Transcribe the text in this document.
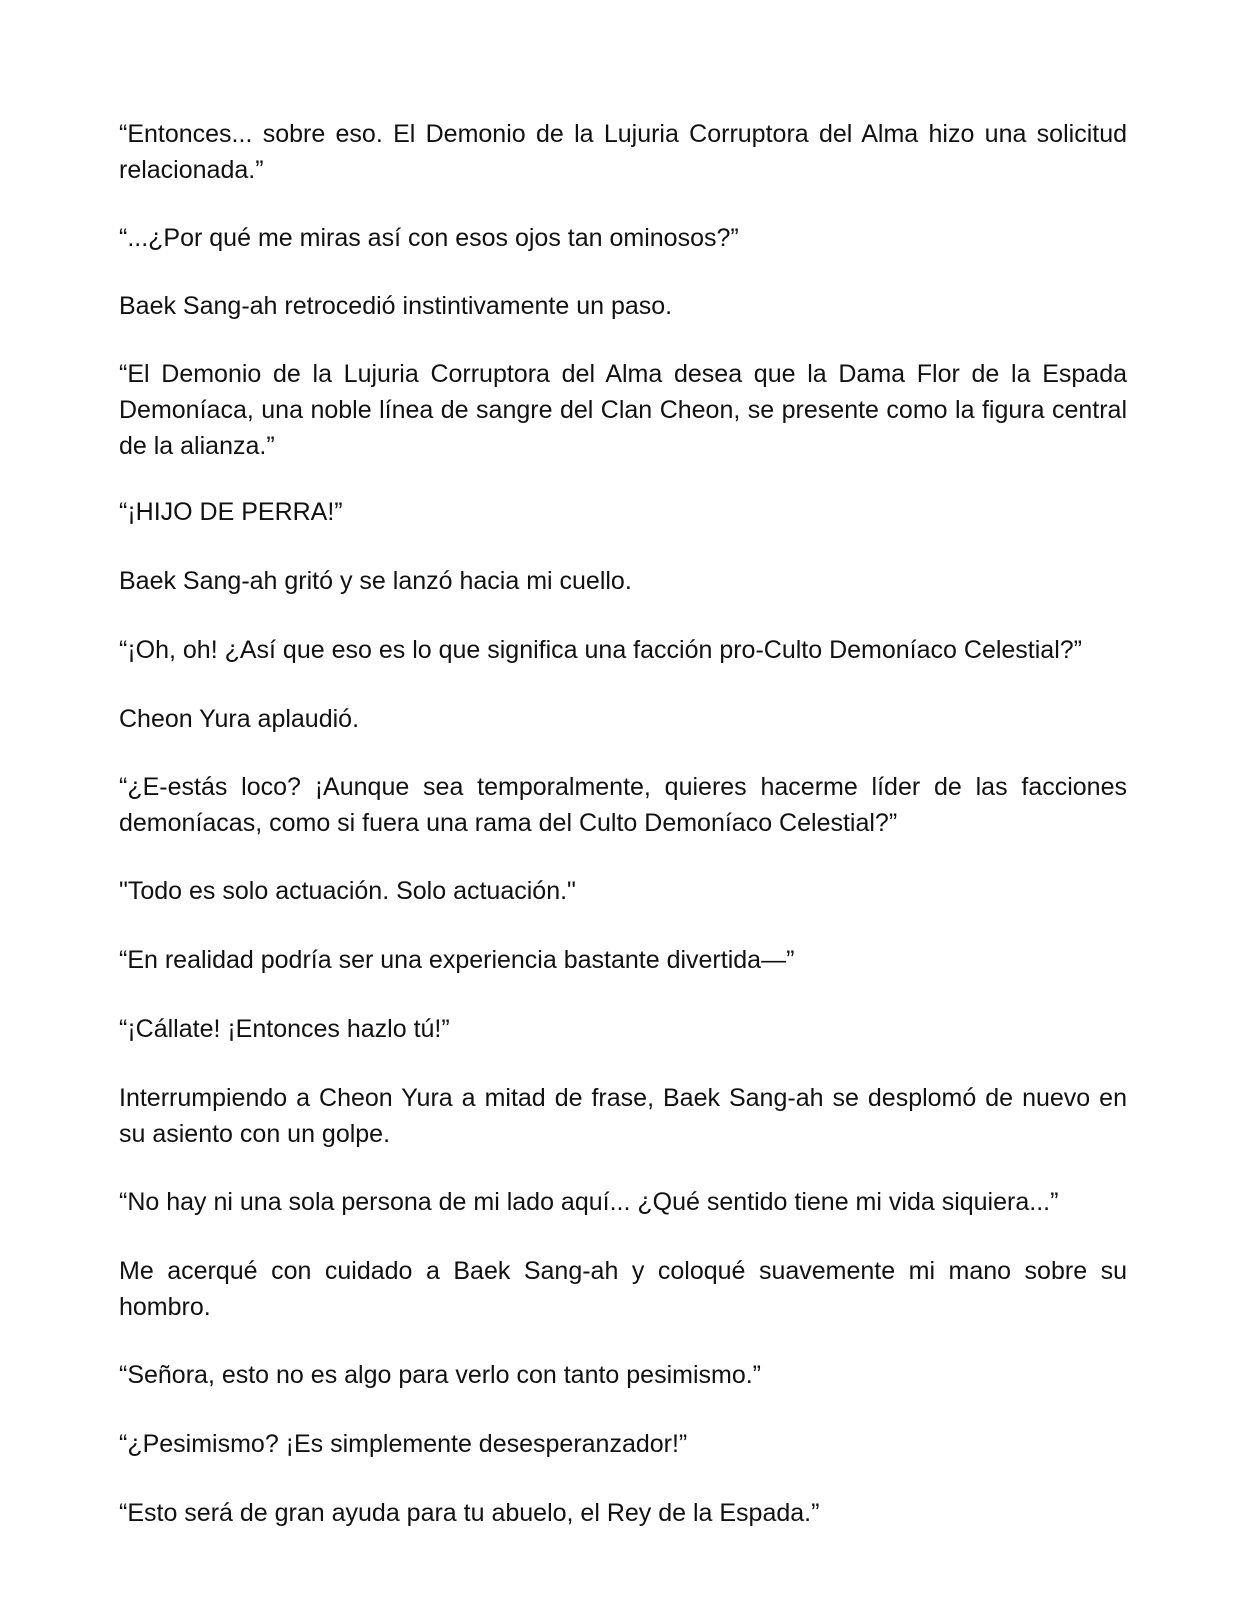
“Entonces... sobre eso. El Demonio de la Lujuria Corruptora del Alma hizo una solicitud relacionada.”

“...¿Por qué me miras así con esos ojos tan ominosos?”

Baek Sang-ah retrocedió instintivamente un paso.

“El Demonio de la Lujuria Corruptora del Alma desea que la Dama Flor de la Espada Demoníaca, una noble línea de sangre del Clan Cheon, se presente como la figura central de la alianza.”

“¡HIJO DE PERRA!”

Baek Sang-ah gritó y se lanzó hacia mi cuello.

“¡Oh, oh! ¿Así que eso es lo que significa una facción pro-Culto Demoníaco Celestial?”

Cheon Yura aplaudió.

“¿E-estás loco? ¡Aunque sea temporalmente, quieres hacerme líder de las facciones demoníacas, como si fuera una rama del Culto Demoníaco Celestial?”

"Todo es solo actuación. Solo actuación."

“En realidad podría ser una experiencia bastante divertida—”

“¡Cállate! ¡Entonces hazlo tú!”

Interrumpiendo a Cheon Yura a mitad de frase, Baek Sang-ah se desplomó de nuevo en su asiento con un golpe.

“No hay ni una sola persona de mi lado aquí... ¿Qué sentido tiene mi vida siquiera...”

Me acerqué con cuidado a Baek Sang-ah y coloqué suavemente mi mano sobre su hombro.

“Señora, esto no es algo para verlo con tanto pesimismo.”

“¿Pesimismo? ¡Es simplemente desesperanzador!”

“Esto será de gran ayuda para tu abuelo, el Rey de la Espada.”
